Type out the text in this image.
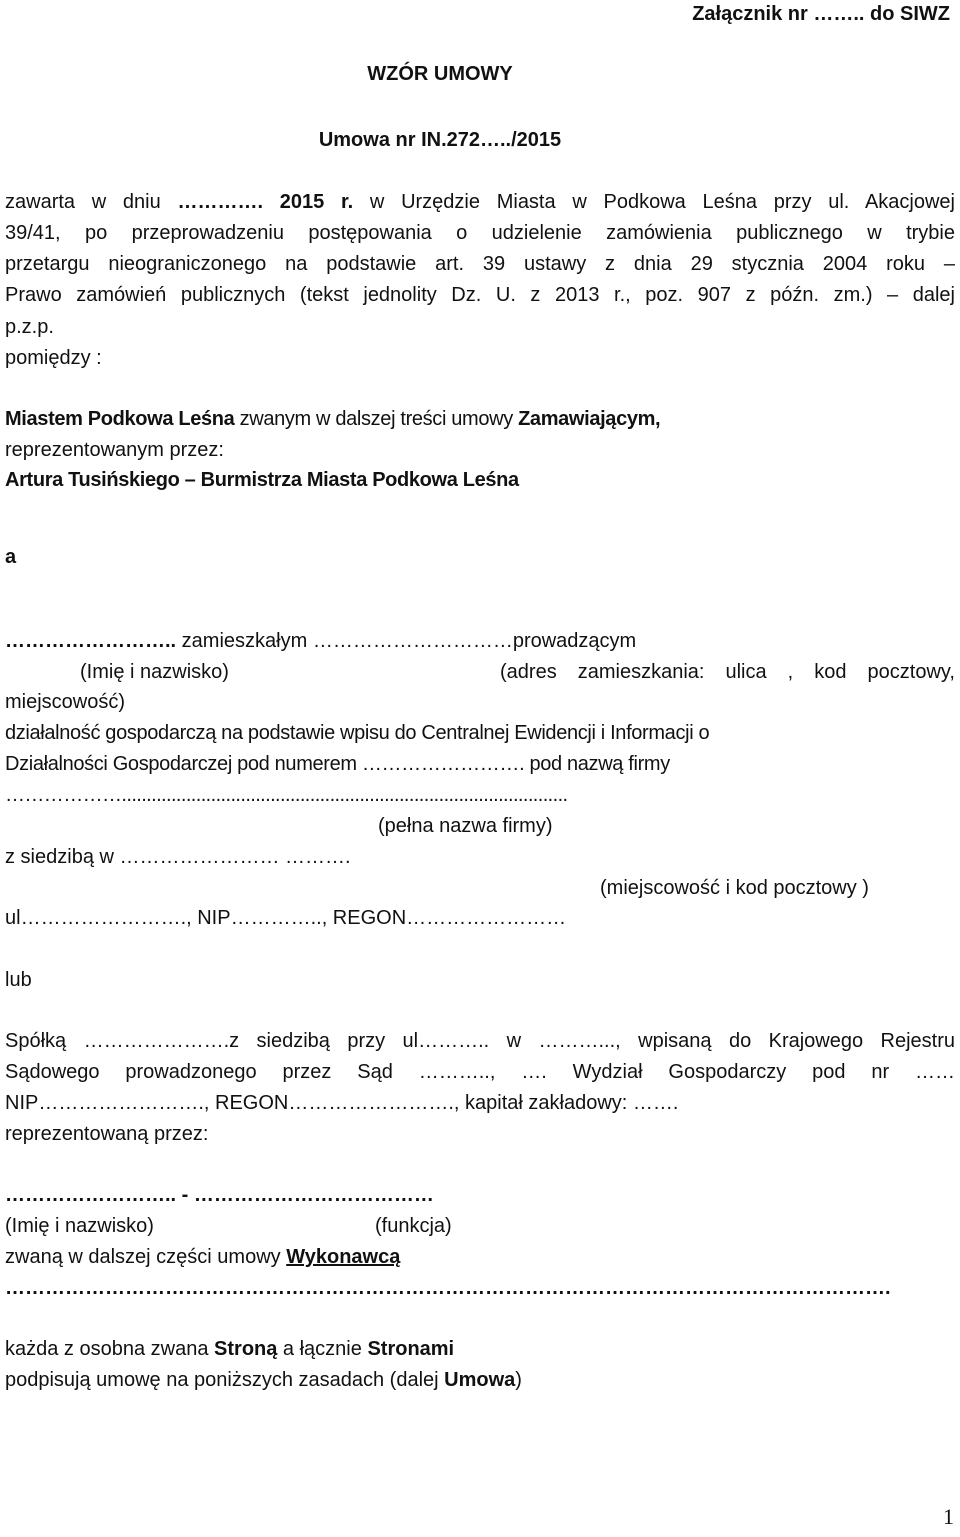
Załącznik nr …….. do SIWZ
WZÓR UMOWY
Umowa nr IN.272…../2015
zawarta w dniu …………. 2015 r. w Urzędzie Miasta w Podkowa Leśna przy ul. Akacjowej
39/41, po przeprowadzeniu postępowania o udzielenie zamówienia publicznego w trybie
przetargu nieograniczonego na podstawie art. 39 ustawy z dnia 29 stycznia 2004 roku –
Prawo zamówień publicznych (tekst jednolity Dz. U. z 2013 r., poz. 907 z późn. zm.) – dalej
p.z.p.
pomiędzy :
Miastem Podkowa Leśna zwanym w dalszej treści umowy Zamawiającym,
reprezentowanym przez:
Artura Tusińskiego – Burmistrza Miasta Podkowa Leśna
a
…………………….. zamieszkałym …………………………prowadzącym
(Imię i nazwisko)	(adres zamieszkania: ulica , kod pocztowy,
miejscowość)
działalność gospodarczą na podstawie wpisu do Centralnej Ewidencji i Informacji o
Działalności Gospodarczej pod numerem ……………………. pod nazwą firmy
………………..........................................................................................
(pełna nazwa firmy)
z siedzibą w …………………… ……….
(miejscowość i kod pocztowy )
ul……………………., NIP………….., REGON……………………
lub
Spółką ………………….z siedzibą przy ul……….. w ………..., wpisaną do Krajowego Rejestru
Sądowego prowadzonego przez Sąd ……….., …. Wydział Gospodarczy pod nr ……
NIP……………………., REGON……………………., kapitał zakładowy: …….
reprezentowaną przez:
…………………….. - ………………………………
(Imię i nazwisko)	(funkcja)
zwaną w dalszej części umowy Wykonawcą
…………………………………………………………………………………………………………………….
każda z osobna zwana Stroną a łącznie Stronami
podpisują umowę na poniższych zasadach (dalej Umowa)
1
